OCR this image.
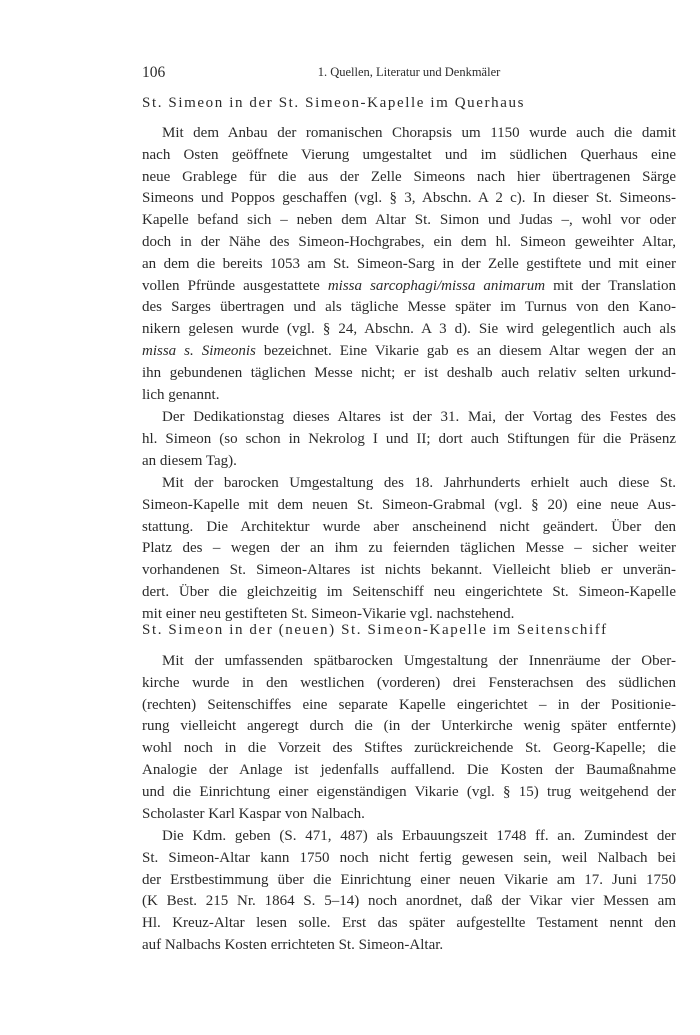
106	1. Quellen, Literatur und Denkmäler
St. Simeon in der St. Simeon-Kapelle im Querhaus
Mit dem Anbau der romanischen Chorapsis um 1150 wurde auch die damit
nach Osten geöffnete Vierung umgestaltet und im südlichen Querhaus eine
neue Grablege für die aus der Zelle Simeons nach hier übertragenen Särge
Simeons und Poppos geschaffen (vgl. § 3, Abschn. A 2 c). In dieser St. Simeons-
Kapelle befand sich – neben dem Altar St. Simon und Judas –, wohl vor oder
doch in der Nähe des Simeon-Hochgrabes, ein dem hl. Simeon geweihter Altar,
an dem die bereits 1053 am St. Simeon-Sarg in der Zelle gestiftete und mit einer
vollen Pfründe ausgestattete missa sarcophagi/missa animarum mit der Translation
des Sarges übertragen und als tägliche Messe später im Turnus von den Kano-
nikern gelesen wurde (vgl. § 24, Abschn. A 3 d). Sie wird gelegentlich auch als
missa s. Simeonis bezeichnet. Eine Vikarie gab es an diesem Altar wegen der an
ihn gebundenen täglichen Messe nicht; er ist deshalb auch relativ selten urkund-
lich genannt.
Der Dedikationstag dieses Altares ist der 31. Mai, der Vortag des Festes des
hl. Simeon (so schon in Nekrolog I und II; dort auch Stiftungen für die Präsenz
an diesem Tag).
Mit der barocken Umgestaltung des 18. Jahrhunderts erhielt auch diese St.
Simeon-Kapelle mit dem neuen St. Simeon-Grabmal (vgl. § 20) eine neue Aus-
stattung. Die Architektur wurde aber anscheinend nicht geändert. Über den
Platz des – wegen der an ihm zu feiernden täglichen Messe – sicher weiter
vorhandenen St. Simeon-Altares ist nichts bekannt. Vielleicht blieb er unverän-
dert. Über die gleichzeitig im Seitenschiff neu eingerichtete St. Simeon-Kapelle
mit einer neu gestifteten St. Simeon-Vikarie vgl. nachstehend.
St. Simeon in der (neuen) St. Simeon-Kapelle im Seitenschiff
Mit der umfassenden spätbarocken Umgestaltung der Innenräume der Ober-
kirche wurde in den westlichen (vorderen) drei Fensterachsen des südlichen
(rechten) Seitenschiffes eine separate Kapelle eingerichtet – in der Positionie-
rung vielleicht angeregt durch die (in der Unterkirche wenig später entfernte)
wohl noch in die Vorzeit des Stiftes zurückreichende St. Georg-Kapelle; die
Analogie der Anlage ist jedenfalls auffallend. Die Kosten der Baumaßnahme
und die Einrichtung einer eigenständigen Vikarie (vgl. § 15) trug weitgehend der
Scholaster Karl Kaspar von Nalbach.
Die Kdm. geben (S. 471, 487) als Erbauungszeit 1748 ff. an. Zumindest der
St. Simeon-Altar kann 1750 noch nicht fertig gewesen sein, weil Nalbach bei
der Erstbestimmung über die Einrichtung einer neuen Vikarie am 17. Juni 1750
(K Best. 215 Nr. 1864 S. 5–14) noch anordnet, daß der Vikar vier Messen am
Hl. Kreuz-Altar lesen solle. Erst das später aufgestellte Testament nennt den
auf Nalbachs Kosten errichteten St. Simeon-Altar.
